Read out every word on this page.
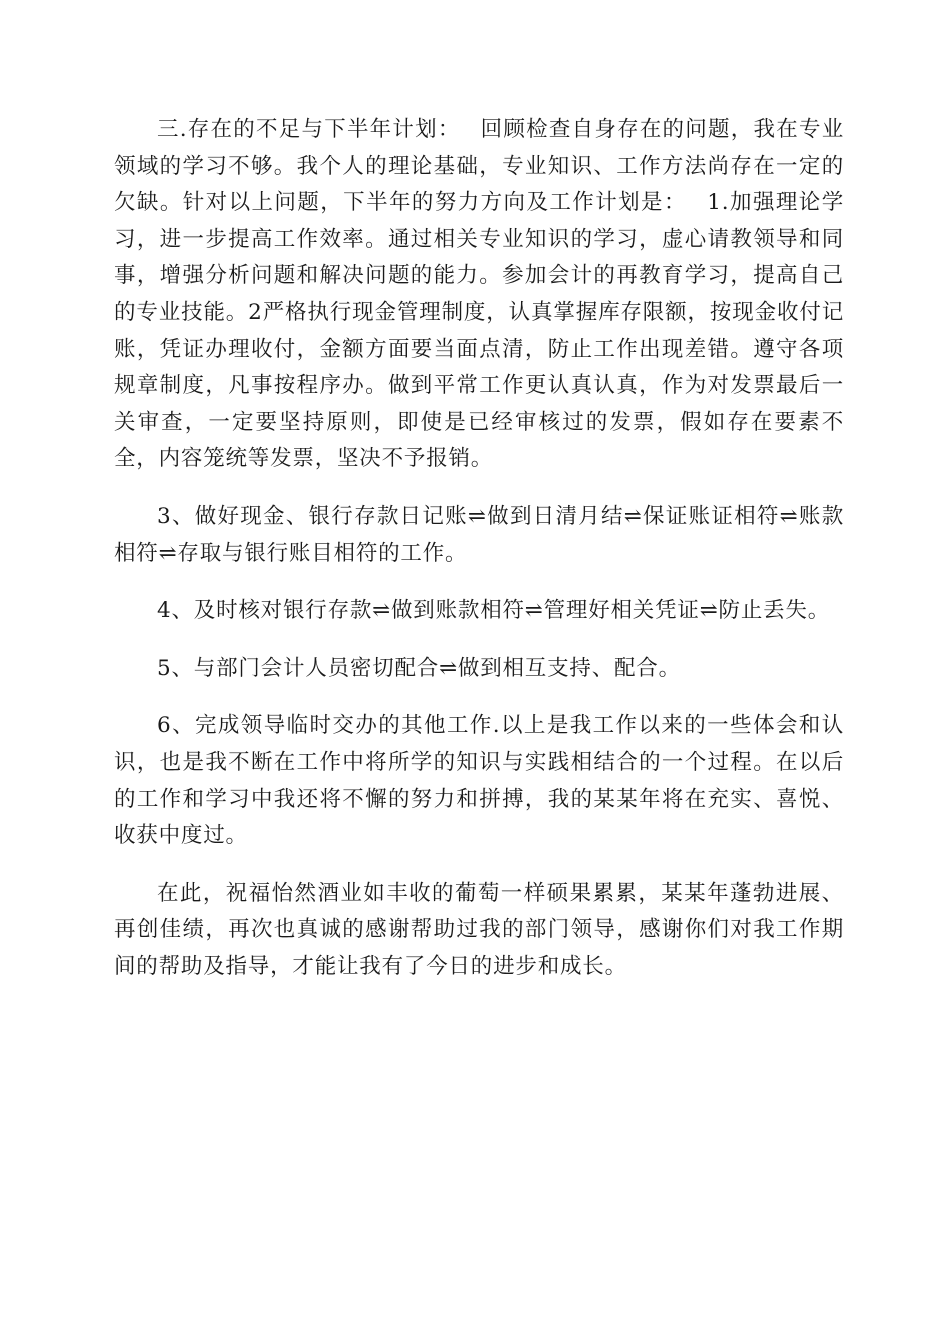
三.存在的不足与下半年计划：　 回顾检查自身存在的问题，我在专业领域的学习不够。我个人的理论基础，专业知识、工作方法尚存在一定的欠缺。针对以上问题，下半年的努力方向及工作计划是：　 1.加强理论学习，进一步提高工作效率。通过相关专业知识的学习，虚心请教领导和同事，增强分析问题和解决问题的能力。参加会计的再教育学习，提高自己的专业技能。2严格执行现金管理制度，认真掌握库存限额，按现金收付记账，凭证办理收付，金额方面要当面点清，防止工作出现差错。遵守各项规章制度，凡事按程序办。做到平常工作更认真认真，作为对发票最后一关审查，一定要坚持原则，即使是已经审核过的发票，假如存在要素不全，内容笼统等发票，坚决不予报销。

3、做好现金、银行存款日记账⇌做到日清月结⇌保证账证相符⇌账款相符⇌存取与银行账目相符的工作。

4、及时核对银行存款⇌做到账款相符⇌管理好相关凭证⇌防止丢失。

5、与部门会计人员密切配合⇌做到相互支持、配合。

6、完成领导临时交办的其他工作.以上是我工作以来的一些体会和认识，也是我不断在工作中将所学的知识与实践相结合的一个过程。在以后的工作和学习中我还将不懈的努力和拼搏，我的某某年将在充实、喜悦、收获中度过。

在此，祝福怡然酒业如丰收的葡萄一样硕果累累，某某年蓬勃进展、再创佳绩，再次也真诚的感谢帮助过我的部门领导，感谢你们对我工作期间的帮助及指导，才能让我有了今日的进步和成长。
